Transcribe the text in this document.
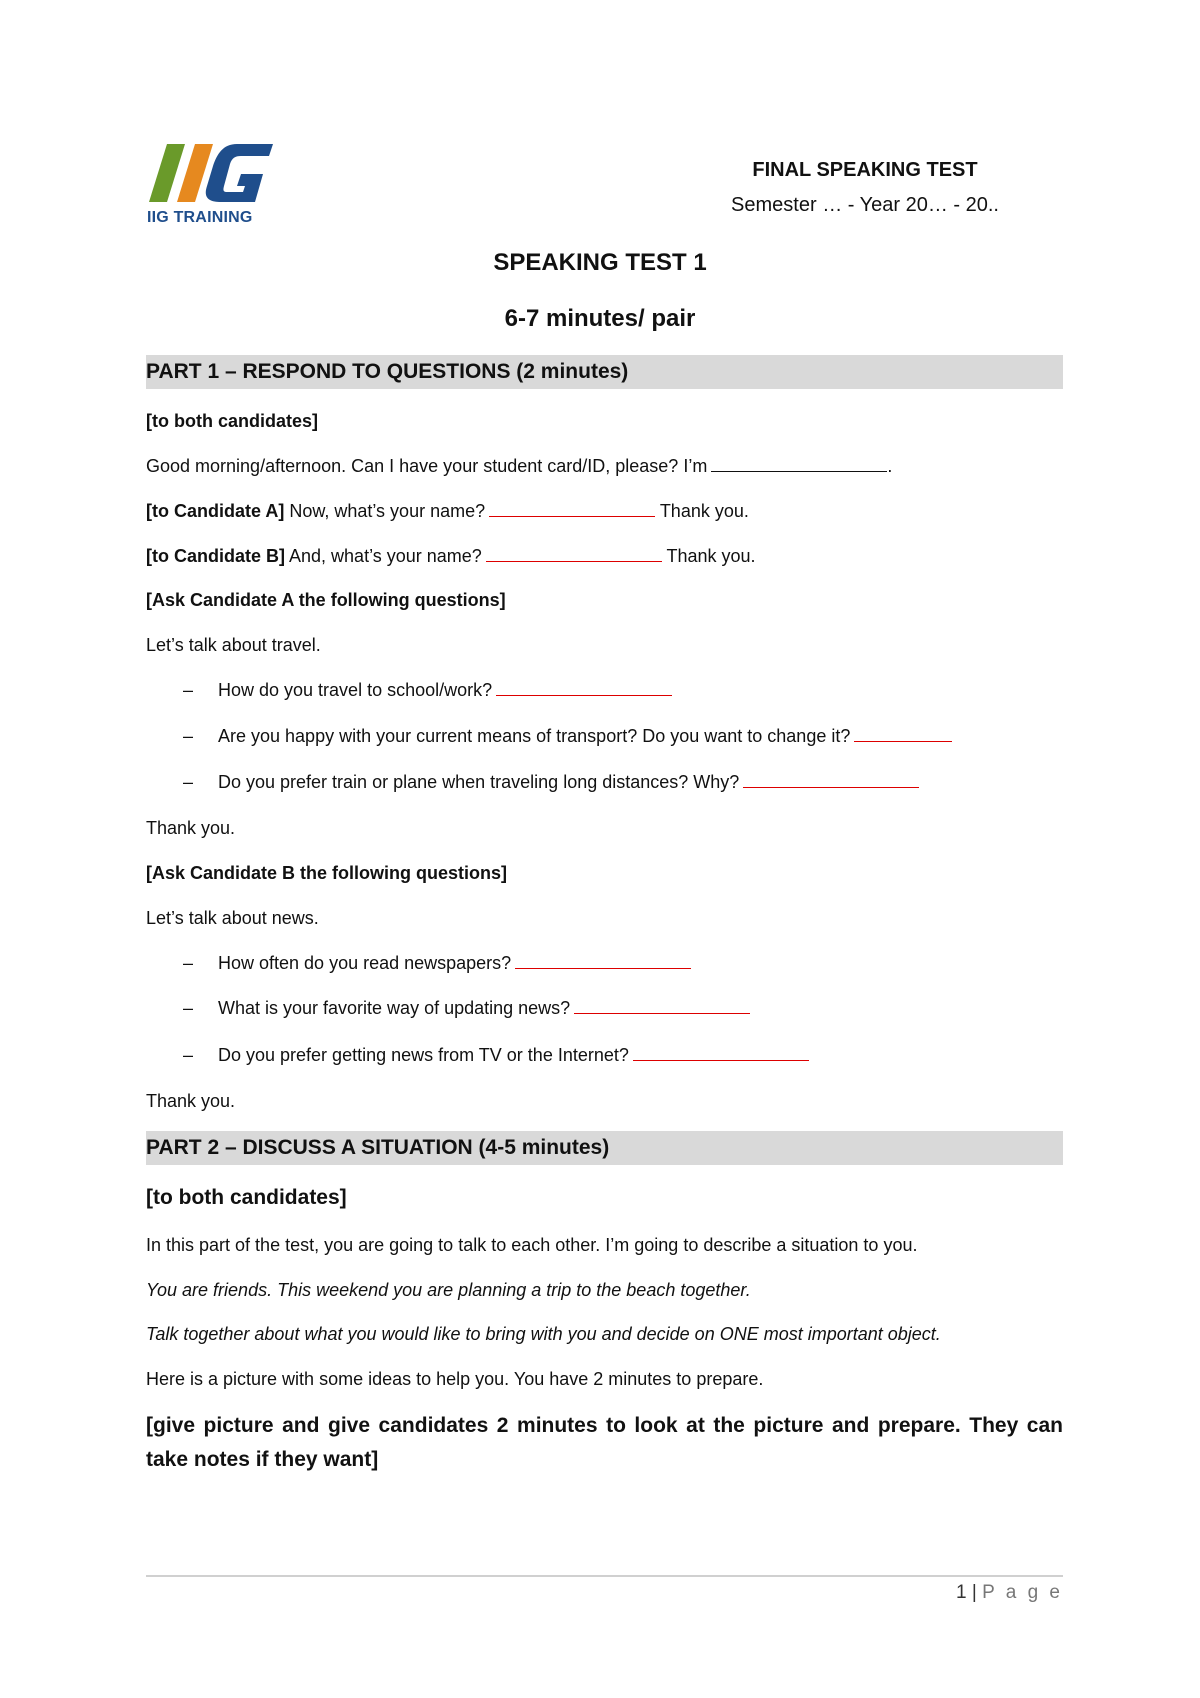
IIG TRAINING
FINAL SPEAKING TEST
Semester … - Year 20… - 20..
SPEAKING TEST 1
6-7 minutes/ pair
PART 1 – RESPOND TO QUESTIONS (2 minutes)
[to both candidates]
Good morning/afternoon. Can I have your student card/ID, please? I’m	.
[to Candidate A] Now, what’s your name?	Thank you.
[to Candidate B] And, what’s your name?	Thank you.
[Ask Candidate A the following questions]
Let’s talk about travel.
– How do you travel to school/work?
– Are you happy with your current means of transport? Do you want to change it?
– Do you prefer train or plane when traveling long distances? Why?
Thank you.
[Ask Candidate B the following questions]
Let’s talk about news.
– How often do you read newspapers?
– What is your favorite way of updating news?
– Do you prefer getting news from TV or the Internet?
Thank you.
PART 2 – DISCUSS A SITUATION (4-5 minutes)
[to both candidates]
In this part of the test, you are going to talk to each other. I’m going to describe a situation to you.
You are friends. This weekend you are planning a trip to the beach together.
Talk together about what you would like to bring with you and decide on ONE most important object.
Here is a picture with some ideas to help you. You have 2 minutes to prepare.
[give picture and give candidates 2 minutes to look at the picture and prepare. They can take notes if they want]
1 | P a g e
